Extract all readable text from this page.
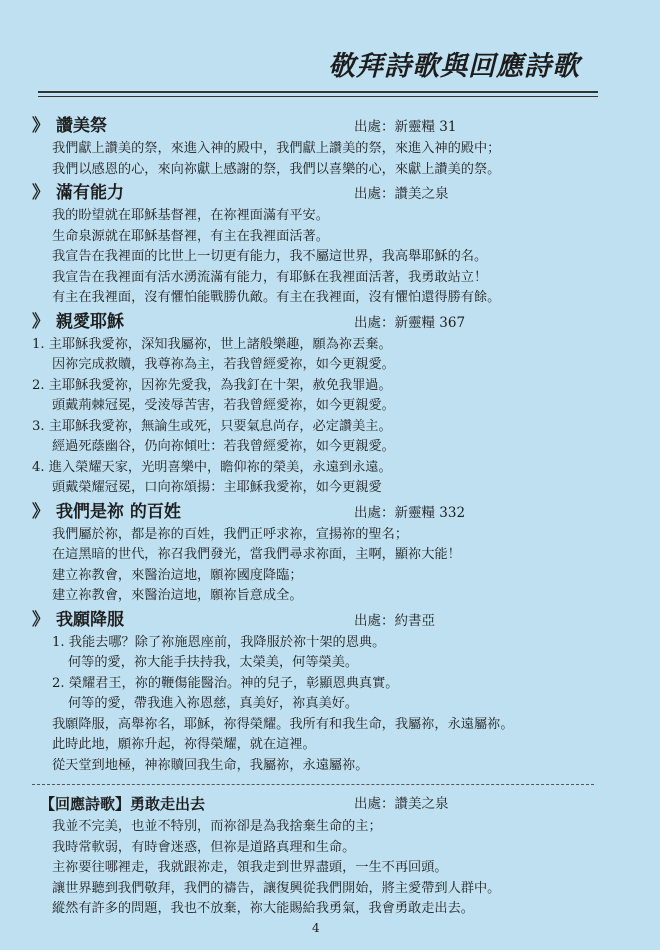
敬拜詩歌與回應詩歌
》 讚美祭	出處：新靈糧 31
我們獻上讚美的祭，來進入神的殿中，我們獻上讚美的祭，來進入神的殿中；
我們以感恩的心，來向祢獻上感謝的祭，我們以喜樂的心，來獻上讚美的祭。
》 滿有能力	出處：讚美之泉
我的盼望就在耶穌基督裡，在祢裡面滿有平安。
生命泉源就在耶穌基督裡，有主在我裡面活著。
我宣告在我裡面的比世上一切更有能力，我不屬這世界，我高舉耶穌的名。
我宣告在我裡面有活水湧流滿有能力，有耶穌在我裡面活著，我勇敢站立！
有主在我裡面，沒有懼怕能戰勝仇敵。有主在我裡面，沒有懼怕還得勝有餘。
》 親愛耶穌	出處：新靈糧 367
1. 主耶穌我愛祢，深知我屬祢，世上諸般樂趣，願為祢丟棄。
因祢完成救贖，我尊祢為主，若我曾經愛祢，如今更親愛。
2. 主耶穌我愛祢，因祢先愛我，為我釘在十架，赦免我罪過。
頭戴荊棘冠冕，受淩辱苦害，若我曾經愛祢，如今更親愛。
3. 主耶穌我愛祢，無論生或死，只要氣息尚存，必定讚美主。
經過死蔭幽谷，仍向祢傾吐：若我曾經愛祢，如今更親愛。
4. 進入榮耀天家，光明喜樂中，瞻仰祢的榮美，永遠到永遠。
頭戴榮耀冠冕，口向祢頌揚：主耶穌我愛祢，如今更親愛
》 我們是祢 的百姓	出處：新靈糧 332
我們屬於祢，都是祢的百姓，我們正呼求祢，宣揚祢的聖名；
在這黑暗的世代，祢召我們發光，當我們尋求祢面，主啊，顯祢大能！
建立祢教會，來醫治這地，願祢國度降臨；
建立祢教會，來醫治這地，願祢旨意成全。
》 我願降服	出處：約書亞
1. 我能去哪？除了祢施恩座前，我降服於祢十架的恩典。
何等的愛，祢大能手扶持我，太榮美，何等榮美。
2. 榮耀君王，祢的鞭傷能醫治。神的兒子，彰顯恩典真實。
何等的愛，帶我進入祢恩慈，真美好，祢真美好。
我願降服，高舉祢名，耶穌，祢得榮耀。我所有和我生命，我屬祢，永遠屬祢。
此時此地，願祢升起，祢得榮耀，就在這裡。
從天堂到地極，神祢贖回我生命，我屬祢，永遠屬祢。
【回應詩歌】勇敢走出去	出處：讚美之泉
我並不完美，也並不特別，而祢卻是為我捨棄生命的主；
我時常軟弱，有時會迷惑，但祢是道路真理和生命。
主祢要往哪裡走，我就跟祢走，領我走到世界盡頭，一生不再回頭。
讓世界聽到我們敬拜，我們的禱告，讓復興從我們開始，將主愛帶到人群中。
縱然有許多的問題，我也不放棄，祢大能賜給我勇氣，我會勇敢走出去。
4
